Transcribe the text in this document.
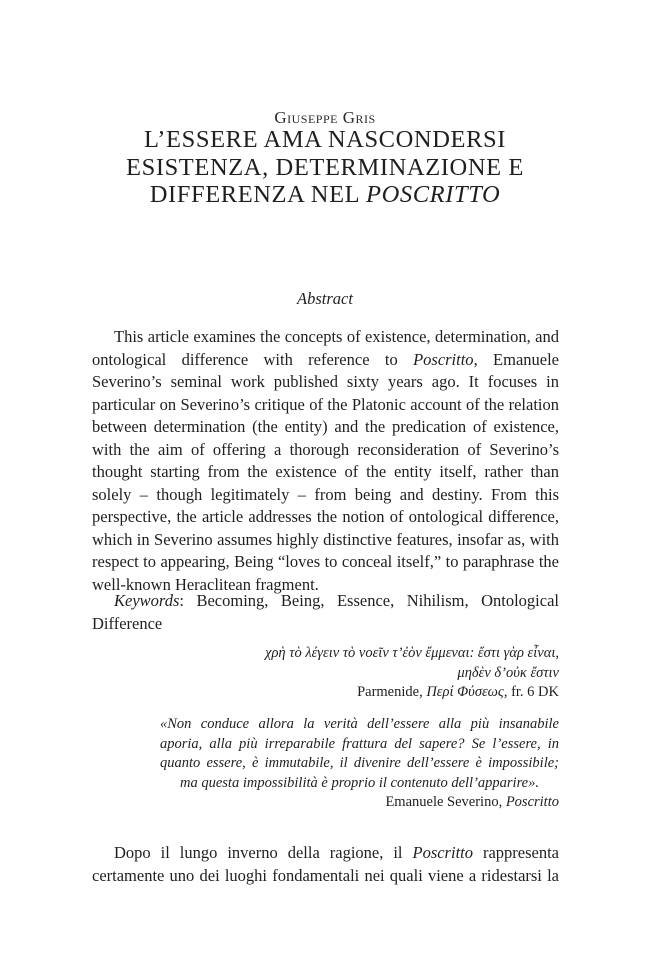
Giuseppe Gris
L’ESSERE AMA NASCONDERSI
ESISTENZA, DETERMINAZIONE E
DIFFERENZA NEL POSCRITTO
Abstract

This article examines the concepts of existence, determination, and ontological difference with reference to Poscritto, Emanuele Severino’s seminal work published sixty years ago. It focuses in particular on Severino’s critique of the Platonic account of the relation between determination (the entity) and the predication of existence, with the aim of offering a thorough reconsideration of Severino’s thought starting from the existence of the entity itself, rather than solely – though legitimately – from being and destiny. From this perspective, the article addresses the notion of ontological difference, which in Severino assumes highly distinctive features, insofar as, with respect to appearing, Being “loves to conceal itself,” to paraphrase the well-known Heraclitean fragment.

Keywords: Becoming, Being, Essence, Nihilism, Ontological Difference

χρὴ τὸ λέγειν τὸ νοεῖν τ’ἐὸν ἔμμεναι: ἔστι γὰρ εἶναι,
μηδὲν δ’οὐκ ἔστιν
Parmenide, Περί Φύσεως, fr. 6 DK
«Non conduce allora la verità dell’essere alla più insanabile
aporia, alla più irreparabile frattura del sapere? Se l’essere, in
quanto essere, è immutabile, il divenire dell’essere è impossibile;
ma questa impossibilità è proprio il contenuto dell’apparire».
Emanuele Severino, Poscritto

Dopo il lungo inverno della ragione, il Poscritto rappresenta certamente uno dei luoghi fondamentali nei quali viene a ridestarsi la
